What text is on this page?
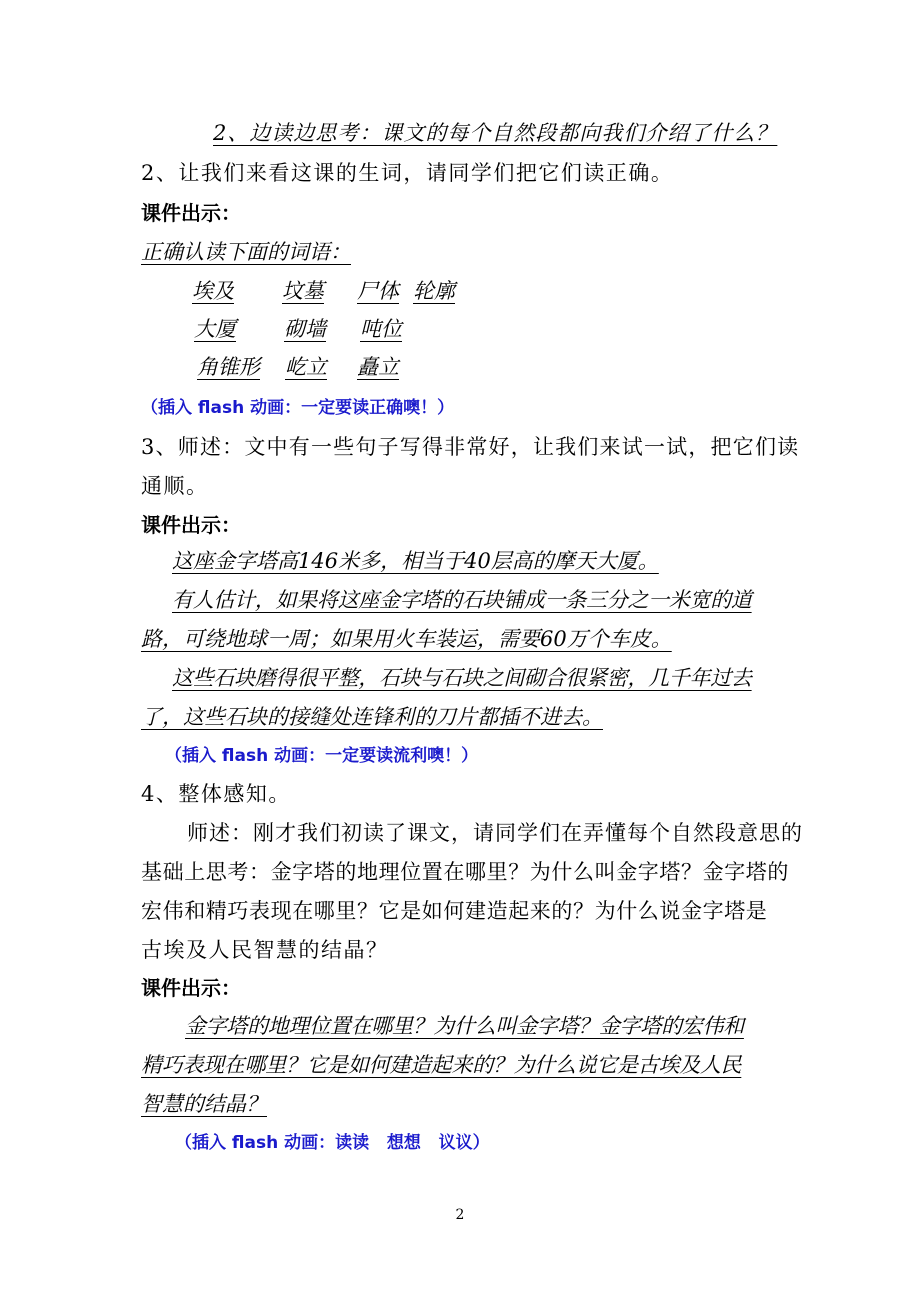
2、边读边思考：课文的每个自然段都向我们介绍了什么？
2、让我们来看这课的生词，请同学们把它们读正确。
课件出示：
正确认读下面的词语：
埃及	坟墓	尸体 轮廓
大厦	砌墙	吨位
角锥形	屹立	矗立
（插入 flash 动画：一定要读正确噢！）
3、师述：文中有一些句子写得非常好，让我们来试一试，把它们读
通顺。
课件出示：
这座金字塔高146米多，相当于40层高的摩天大厦。
有人估计，如果将这座金字塔的石块铺成一条三分之一米宽的道
路，可绕地球一周；如果用火车装运，需要60万个车皮。
这些石块磨得很平整，石块与石块之间砌合很紧密，几千年过去
了，这些石块的接缝处连锋利的刀片都插不进去。
（插入 flash 动画：一定要读流利噢！）
4、整体感知。
师述：刚才我们初读了课文，请同学们在弄懂每个自然段意思的
基础上思考：金字塔的地理位置在哪里？为什么叫金字塔？金字塔的
宏伟和精巧表现在哪里？它是如何建造起来的？为什么说金字塔是
古埃及人民智慧的结晶？
课件出示：
金字塔的地理位置在哪里？为什么叫金字塔？金字塔的宏伟和
精巧表现在哪里？它是如何建造起来的？为什么说它是古埃及人民
智慧的结晶？
（插入 flash 动画：读读   想想   议议）
2
